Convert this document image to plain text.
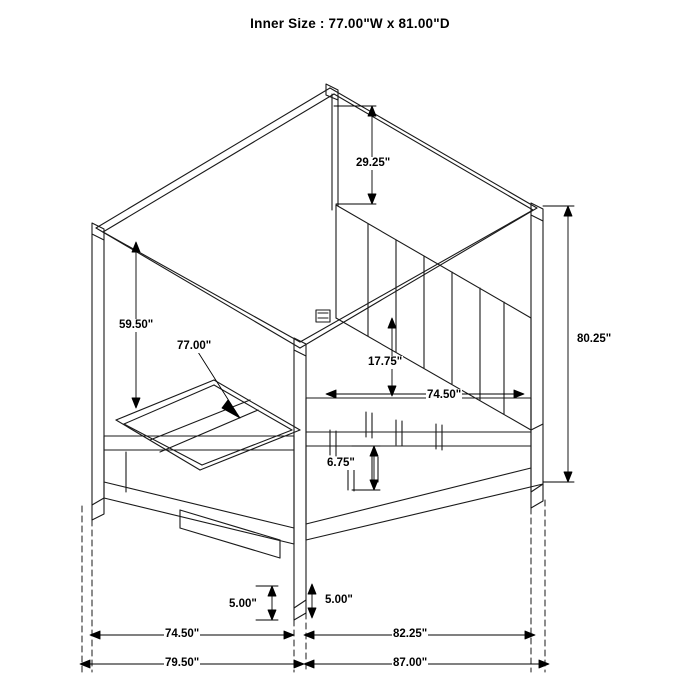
Inner Size : 77.00"W x 81.00"D
29.25"
59.50"
77.00"
17.75"
80.25"
74.50"
6.75"
5.00"	5.00"
74.50"	82.25"
79.50"	87.00"
